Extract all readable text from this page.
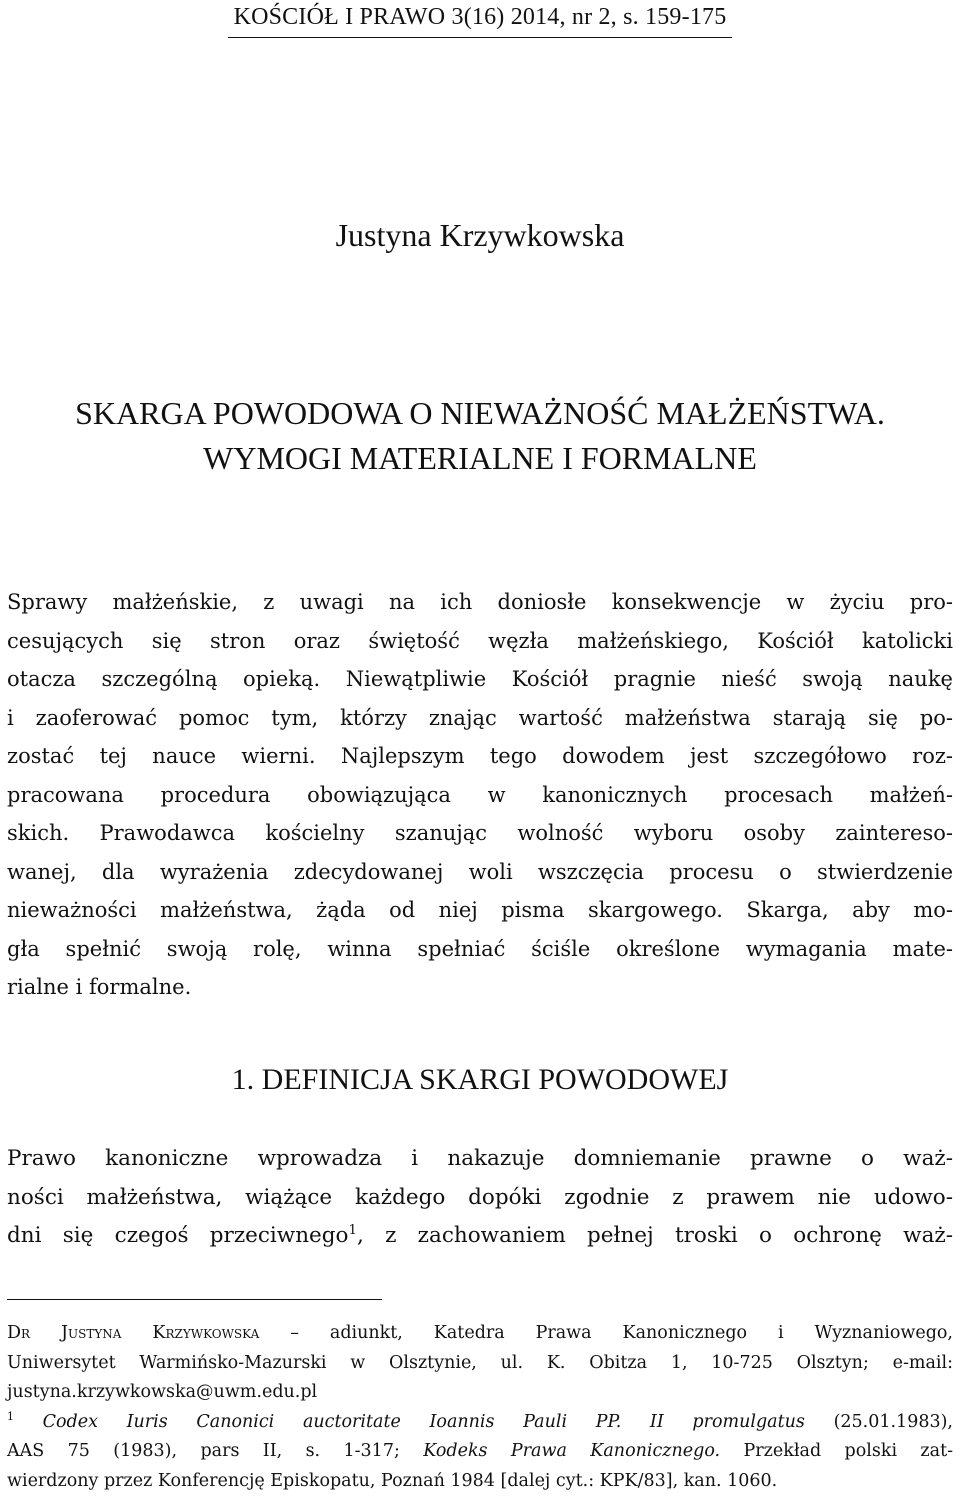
KOŚCIÓŁ I PRAWO 3(16) 2014, nr 2, s. 159-175
Justyna Krzywkowska
SKARGA POWODOWA O NIEWAŻNOŚĆ MAŁŻEŃSTWA.
WYMOGI MATERIALNE I FORMALNE
Sprawy małżeńskie, z uwagi na ich doniosłe konsekwencje w życiu pro-
cesujących się stron oraz świętość węzła małżeńskiego, Kościół katolicki
otacza szczególną opieką. Niewątpliwie Kościół pragnie nieść swoją naukę
i zaoferować pomoc tym, którzy znając wartość małżeństwa starają się po-
zostać tej nauce wierni. Najlepszym tego dowodem jest szczegółowo roz-
pracowana procedura obowiązująca w kanonicznych procesach małżeń-
skich. Prawodawca kościelny szanując wolność wyboru osoby zaintereso-
wanej, dla wyrażenia zdecydowanej woli wszczęcia procesu o stwierdzenie
nieważności małżeństwa, żąda od niej pisma skargowego. Skarga, aby mo-
gła spełnić swoją rolę, winna spełniać ściśle określone wymagania mate-
rialne i formalne.
1. DEFINICJA SKARGI POWODOWEJ
Prawo kanoniczne wprowadza i nakazuje domniemanie prawne o waż-
ności małżeństwa, wiążące każdego dopóki zgodnie z prawem nie udowo-
dni się czegoś przeciwnego$^1$, z zachowaniem pełnej troski o ochronę waż-
Dr Justyna Krzywkowska – adiunkt, Katedra Prawa Kanonicznego i Wyznaniowego,
Uniwersytet Warmińsko-Mazurski w Olsztynie, ul. K. Obitza 1, 10-725 Olsztyn; e-mail:
justyna.krzywkowska@uwm.edu.pl
$^1$ Codex Iuris Canonici auctoritate Ioannis Pauli PP. II promulgatus (25.01.1983),
AAS 75 (1983), pars II, s. 1-317; Kodeks Prawa Kanonicznego. Przekład polski zat-
wierdzony przez Konferencję Episkopatu, Poznań 1984 [dalej cyt.: KPK/83], kan. 1060.
